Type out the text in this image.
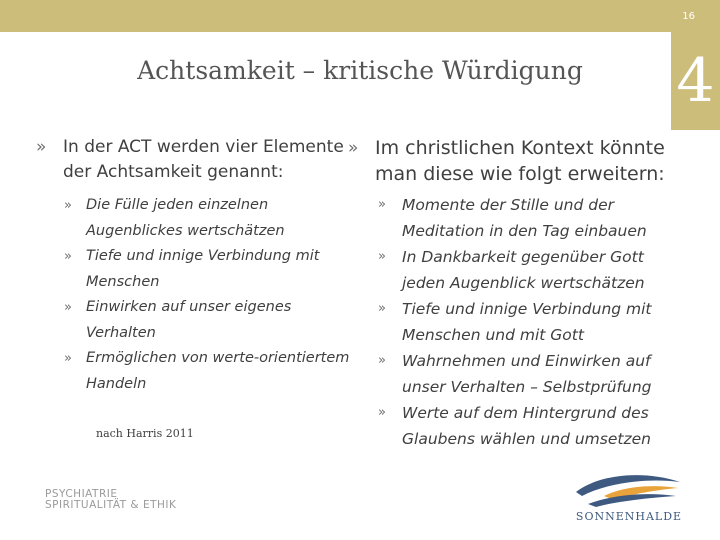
16
4
Achtsamkeit – kritische Würdigung
» In der ACT werden vier Elemente der Achtsamkeit genannt:
» Die Fülle jeden einzelnen Augenblickes wertschätzen
» Tiefe und innige Verbindung mit Menschen
» Einwirken auf unser eigenes Verhalten
» Ermöglichen von werte-orientiertem Handeln
nach Harris 2011
» Im christlichen Kontext könnte man diese wie folgt erweitern:
» Momente der Stille und der Meditation in den Tag einbauen
» In Dankbarkeit gegenüber Gott jeden Augenblick wertschätzen
» Tiefe und innige Verbindung mit Menschen und mit Gott
» Wahrnehmen und Einwirken auf unser Verhalten – Selbstprüfung
» Werte auf dem Hintergrund des Glaubens wählen und umsetzen
PSYCHIATRIE
SPIRITUALITÄT & ETHIK
SONNENHALDE
